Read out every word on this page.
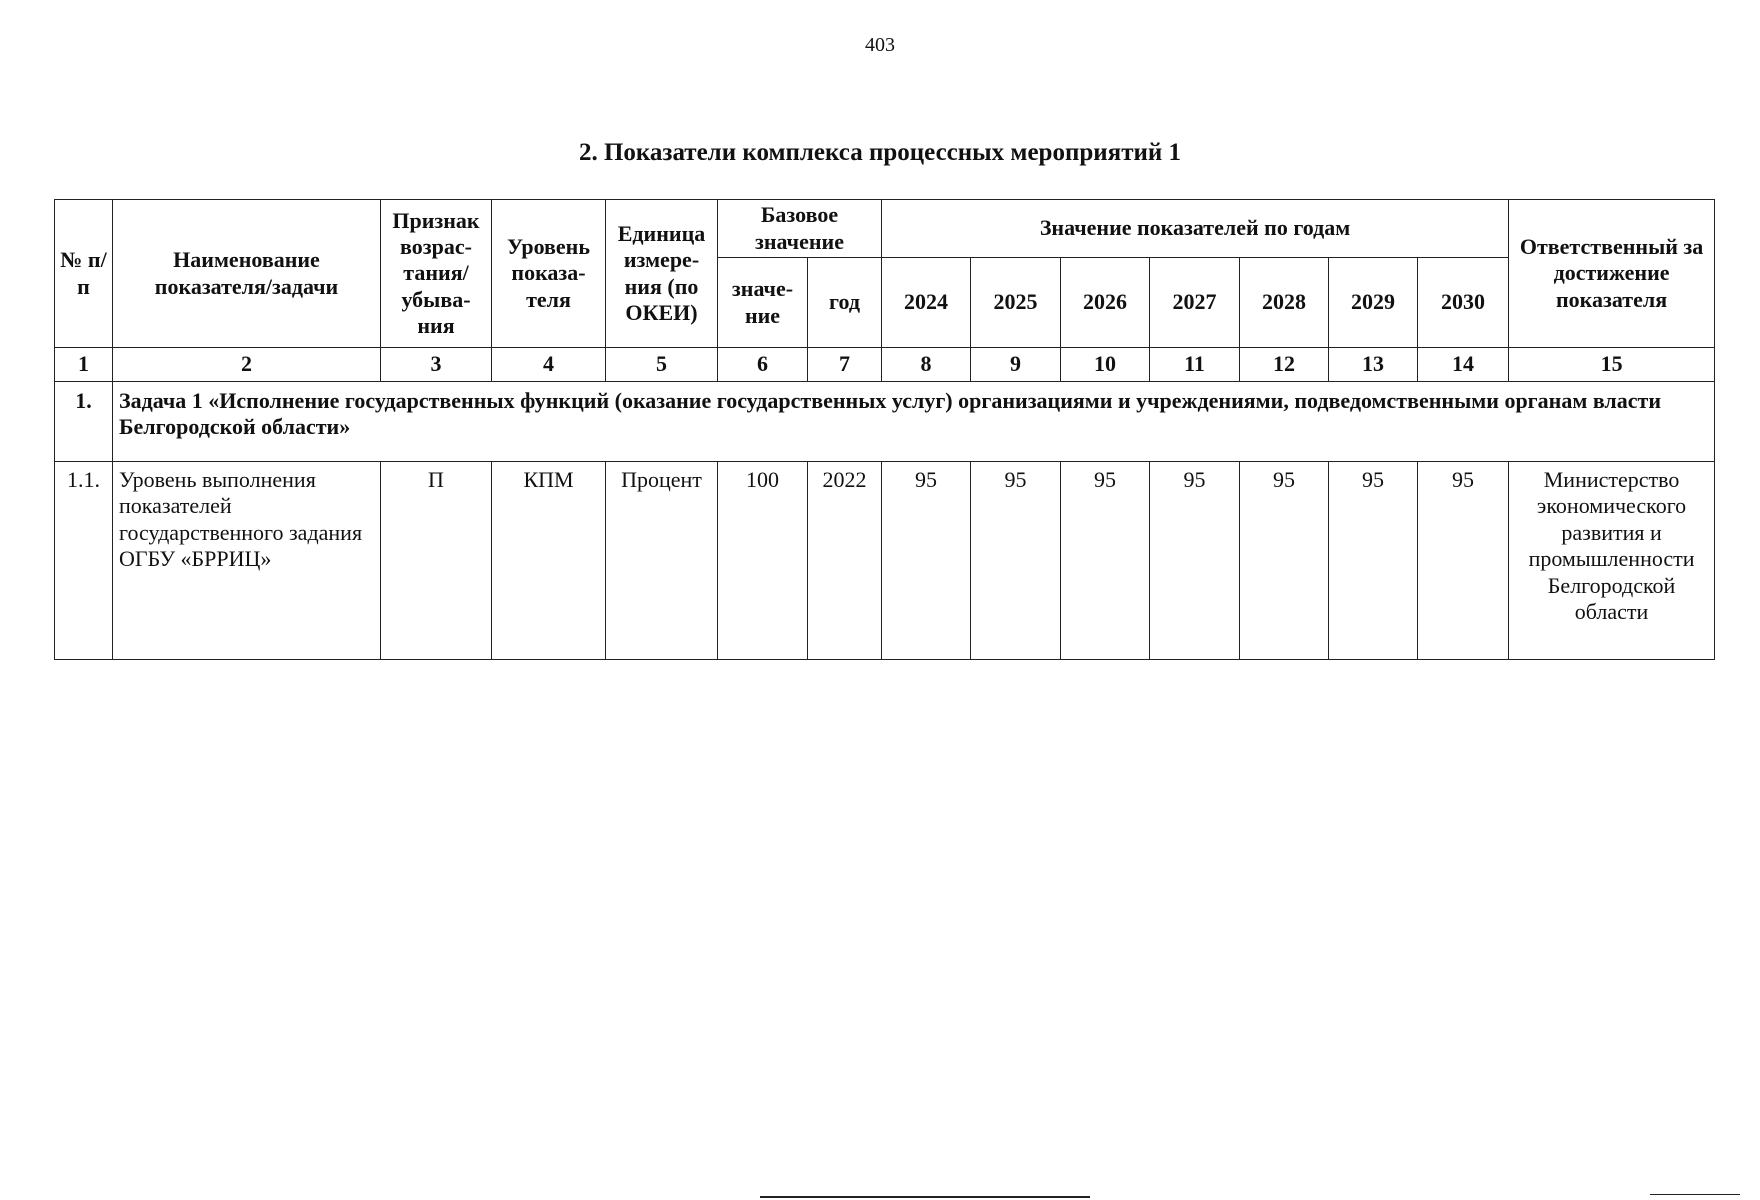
403
2. Показатели комплекса процессных мероприятий 1
№ п/п	Наименование показателя/задачи	Признак возрас-тания/ убыва-ния	Уровень показа-теля	Единица измере-ния (по ОКЕИ)	Базовое значение		Значение показателей по годам							Ответственный за достижение показателя
					значе-ние	год	2024	2025	2026	2027	2028	2029	2030	
1	2	3	4	5	6	7	8	9	10	11	12	13	14	15
1.	Задача 1 «Исполнение государственных функций (оказание государственных услуг) организациями и учреждениями, подведомственными органам власти Белгородской области»													
1.1.	Уровень выполнения показателей государственного задания ОГБУ «БРРИЦ»	П	КПМ	Процент	100	2022	95	95	95	95	95	95	95	Министерство экономического развития и промышленности Белгородской области
